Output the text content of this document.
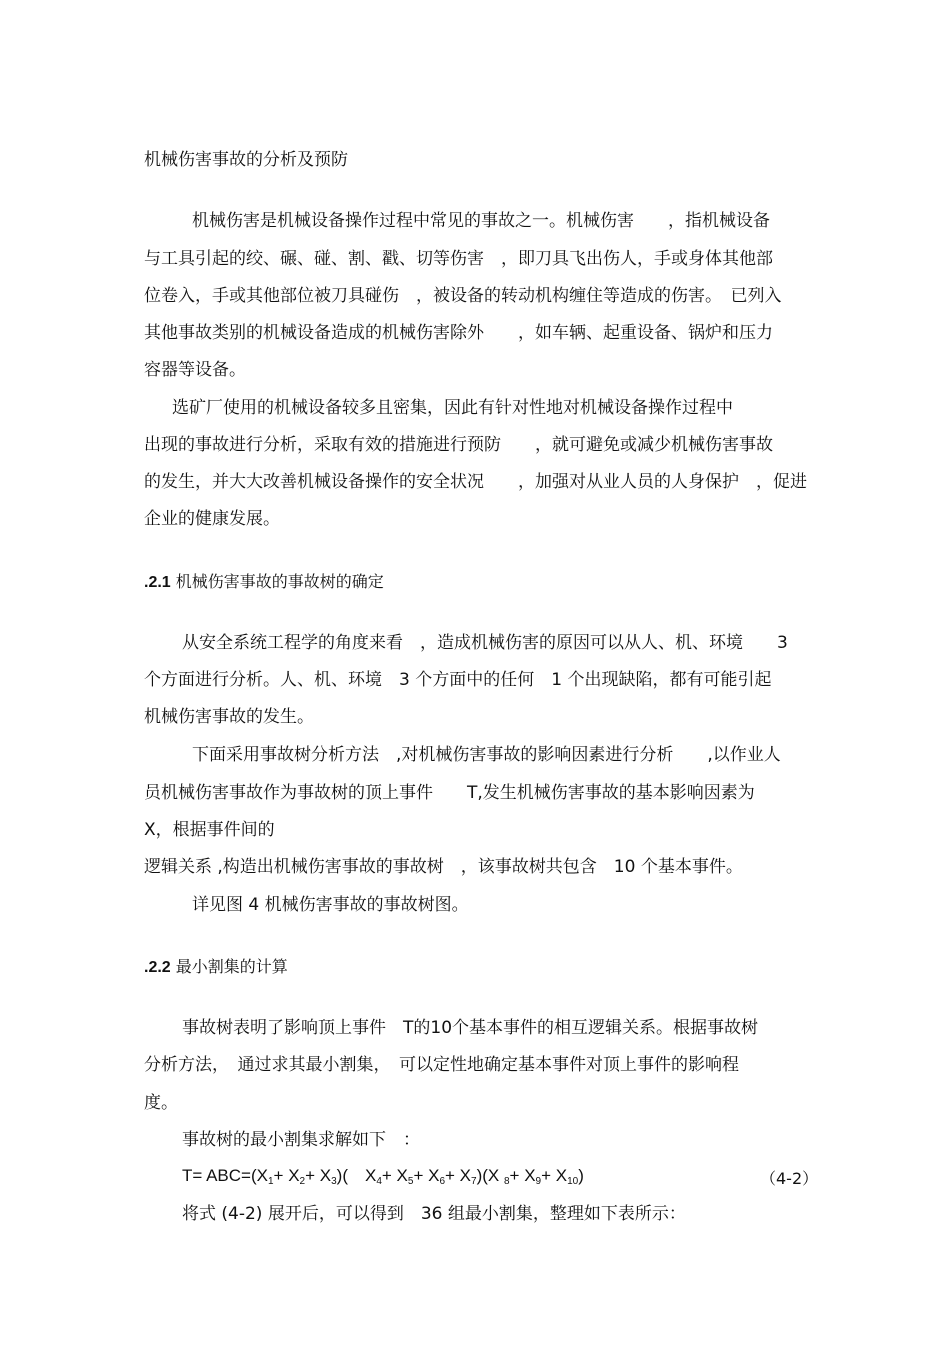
机械伤害事故的分析及预防
机械伤害是机械设备操作过程中常见的事故之一。机械伤害　　，指机械设备
与工具引起的绞、碾、碰、割、戳、切等伤害　，即刀具飞出伤人，手或身体其他部
位卷入，手或其他部位被刀具碰伤　，被设备的转动机构缠住等造成的伤害。　已列入
其他事故类别的机械设备造成的机械伤害除外　　，如车辆、起重设备、锅炉和压力
容器等设备。
选矿厂使用的机械设备较多且密集，因此有针对性地对机械设备操作过程中
出现的事故进行分析，采取有效的措施进行预防　　，就可避免或减少机械伤害事故
的发生，并大大改善机械设备操作的安全状况　　，加强对从业人员的人身保护　，促进
企业的健康发展。
.2.1 机械伤害事故的事故树的确定
从安全系统工程学的角度来看　，造成机械伤害的原因可以从人、机、环境　　3
个方面进行分析。人、机、环境　3 个方面中的任何　1 个出现缺陷，都有可能引起
机械伤害事故的发生。
下面采用事故树分析方法　,对机械伤害事故的影响因素进行分析　　,以作业人
员机械伤害事故作为事故树的顶上事件　　T,发生机械伤害事故的基本影响因素为
X，根据事件间的
逻辑关系 ,构造出机械伤害事故的事故树　，该事故树共包含　10 个基本事件。
详见图 4 机械伤害事故的事故树图。
.2.2 最小割集的计算
事故树表明了影响顶上事件　T的10个基本事件的相互逻辑关系。根据事故树
分析方法，　通过求其最小割集，　可以定性地确定基本事件对顶上事件的影响程
度。
事故树的最小割集求解如下　：
$T= ABC=(X_1+ X_2+ X_3)$(　$X_4+ X_5+ X_6+ X_7)(X$ $_8+ X_9+ X_{10}$)	（4-2）
将式 (4-2) 展开后，可以得到　36 组最小割集，整理如下表所示：
